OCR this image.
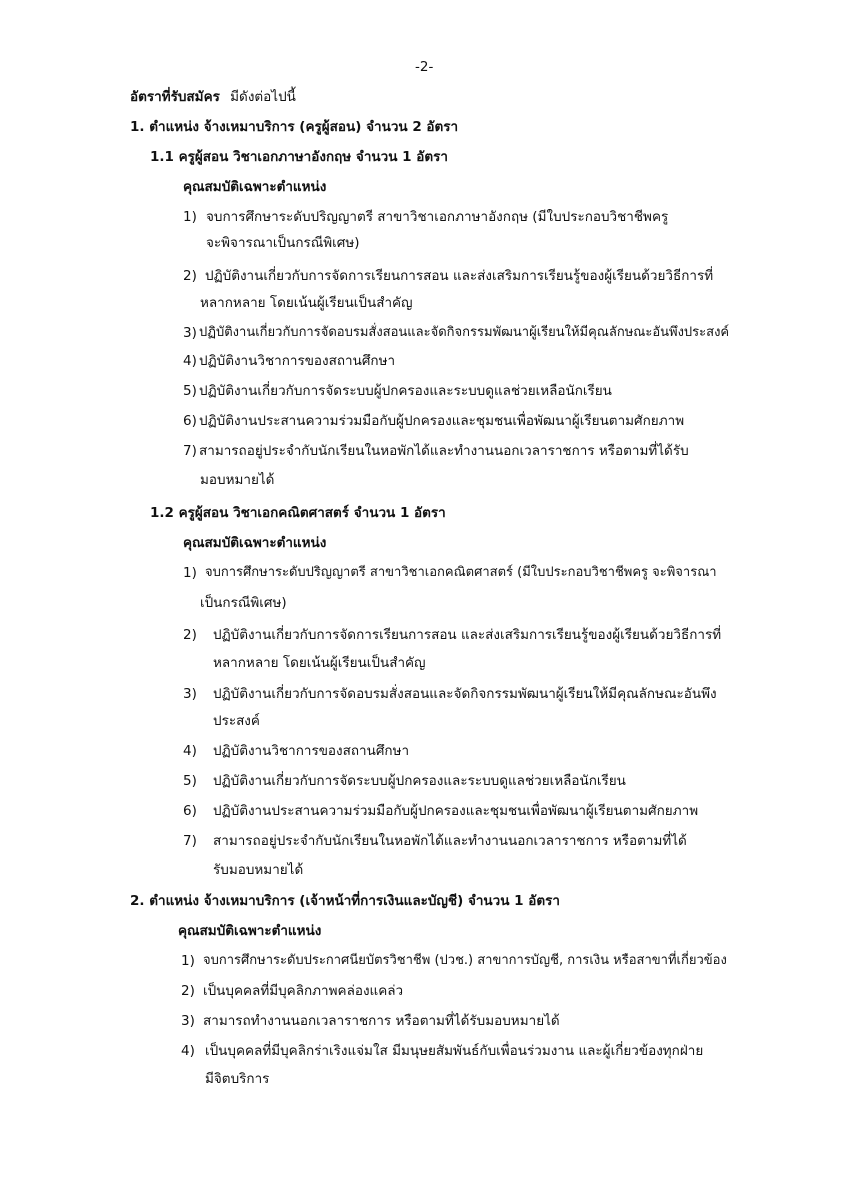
-2-
อัตราที่รับสมัคร มีดังต่อไปนี้
1. ตำแหน่ง จ้างเหมาบริการ (ครูผู้สอน) จำนวน 2 อัตรา
1.1 ครูผู้สอน วิชาเอกภาษาอังกฤษ จำนวน 1 อัตรา
คุณสมบัติเฉพาะตำแหน่ง
1) จบการศึกษาระดับปริญญาตรี สาขาวิชาเอกภาษาอังกฤษ (มีใบประกอบวิชาชีพครู
จะพิจารณาเป็นกรณีพิเศษ)
2) ปฏิบัติงานเกี่ยวกับการจัดการเรียนการสอน และส่งเสริมการเรียนรู้ของผู้เรียนด้วยวิธีการที่
หลากหลาย โดยเน้นผู้เรียนเป็นสำคัญ
3) ปฏิบัติงานเกี่ยวกับการจัดอบรมสั่งสอนและจัดกิจกรรมพัฒนาผู้เรียนให้มีคุณลักษณะอันพึงประสงค์
4) ปฏิบัติงานวิชาการของสถานศึกษา
5) ปฏิบัติงานเกี่ยวกับการจัดระบบผู้ปกครองและระบบดูแลช่วยเหลือนักเรียน
6) ปฏิบัติงานประสานความร่วมมือกับผู้ปกครองและชุมชนเพื่อพัฒนาผู้เรียนตามศักยภาพ
7) สามารถอยู่ประจำกับนักเรียนในหอพักได้และทำงานนอกเวลาราชการ หรือตามที่ได้รับ
มอบหมายได้
1.2 ครูผู้สอน วิชาเอกคณิตศาสตร์ จำนวน 1 อัตรา
คุณสมบัติเฉพาะตำแหน่ง
1) จบการศึกษาระดับปริญญาตรี สาขาวิชาเอกคณิตศาสตร์ (มีใบประกอบวิชาชีพครู จะพิจารณา
เป็นกรณีพิเศษ)
2) ปฏิบัติงานเกี่ยวกับการจัดการเรียนการสอน และส่งเสริมการเรียนรู้ของผู้เรียนด้วยวิธีการที่
หลากหลาย โดยเน้นผู้เรียนเป็นสำคัญ
3) ปฏิบัติงานเกี่ยวกับการจัดอบรมสั่งสอนและจัดกิจกรรมพัฒนาผู้เรียนให้มีคุณลักษณะอันพึง
ประสงค์
4) ปฏิบัติงานวิชาการของสถานศึกษา
5) ปฏิบัติงานเกี่ยวกับการจัดระบบผู้ปกครองและระบบดูแลช่วยเหลือนักเรียน
6) ปฏิบัติงานประสานความร่วมมือกับผู้ปกครองและชุมชนเพื่อพัฒนาผู้เรียนตามศักยภาพ
7) สามารถอยู่ประจำกับนักเรียนในหอพักได้และทำงานนอกเวลาราชการ หรือตามที่ได้
รับมอบหมายได้
2. ตำแหน่ง จ้างเหมาบริการ (เจ้าหน้าที่การเงินและบัญชี) จำนวน 1 อัตรา
คุณสมบัติเฉพาะตำแหน่ง
1) จบการศึกษาระดับประกาศนียบัตรวิชาชีพ (ปวช.) สาขาการบัญชี, การเงิน หรือสาขาที่เกี่ยวข้อง
2) เป็นบุคคลที่มีบุคลิกภาพคล่องแคล่ว
3) สามารถทำงานนอกเวลาราชการ หรือตามที่ได้รับมอบหมายได้
4) เป็นบุคคลที่มีบุคลิกร่าเริงแจ่มใส มีมนุษยสัมพันธ์กับเพื่อนร่วมงาน และผู้เกี่ยวข้องทุกฝ่าย
มีจิตบริการ
